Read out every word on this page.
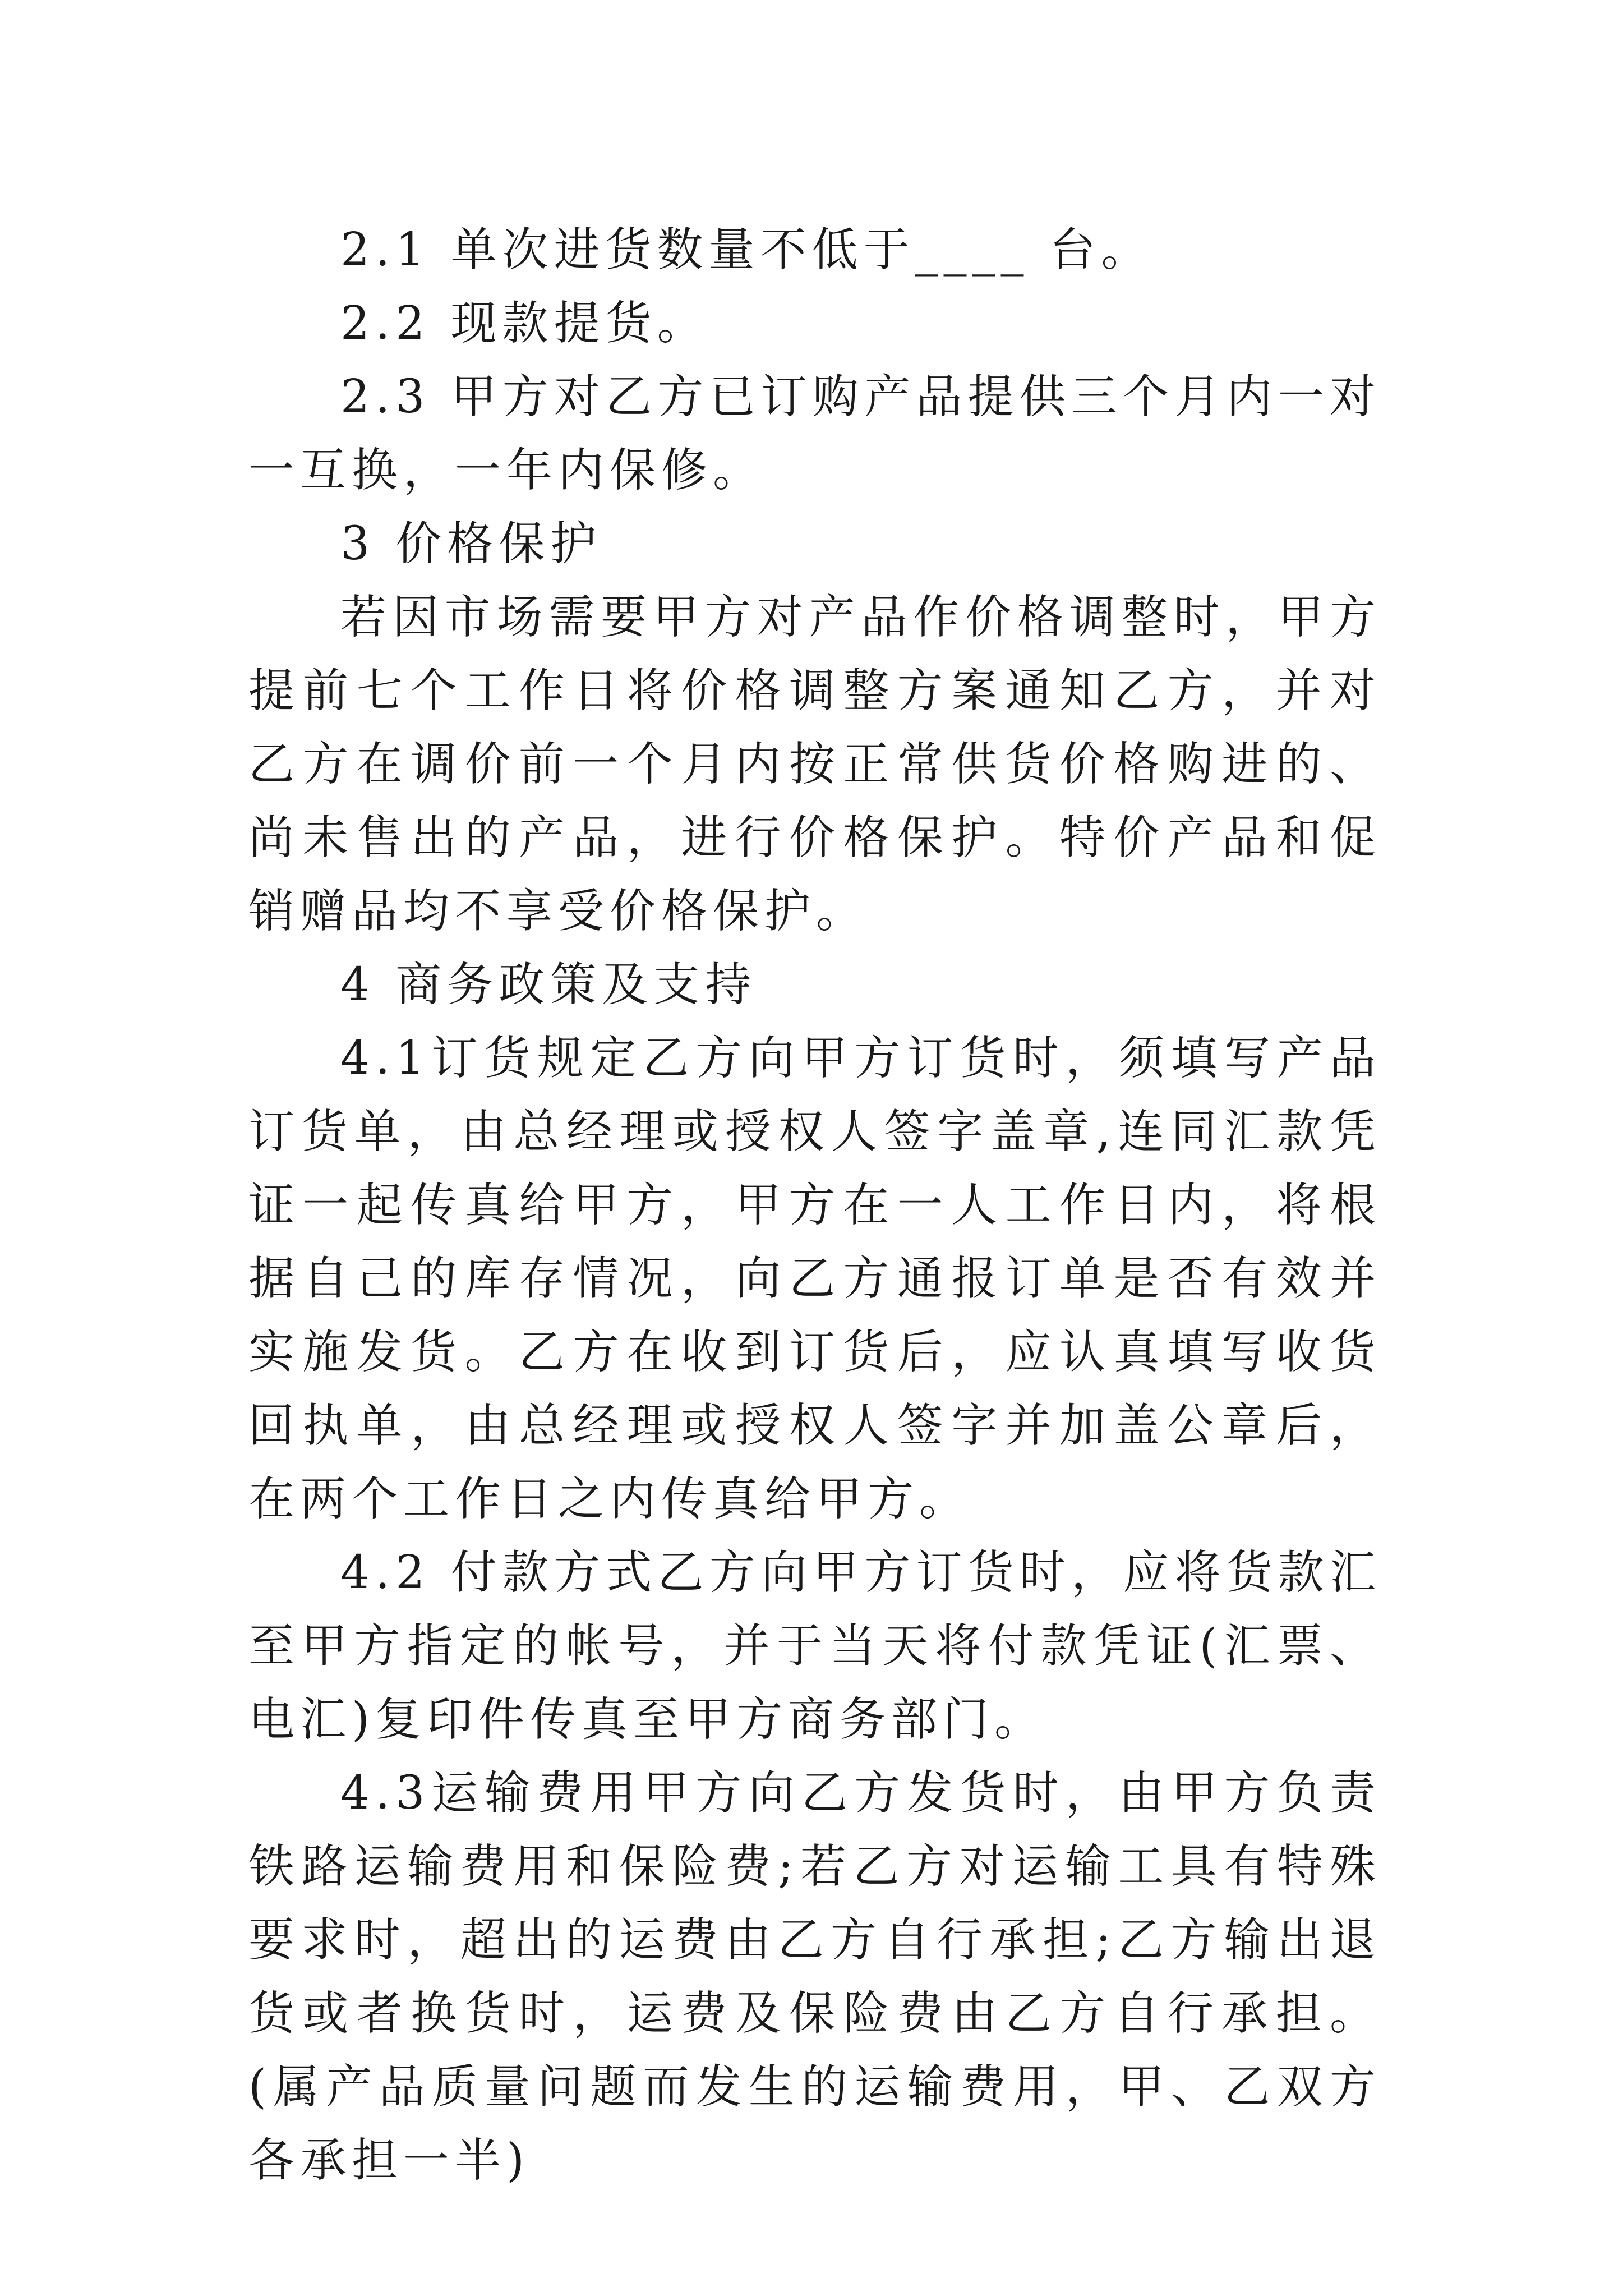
2.1 单次进货数量不低于____ 台。

2.2 现款提货。

2.3 甲方对乙方已订购产品提供三个月内一对一互换，一年内保修。

3 价格保护

若因市场需要甲方对产品作价格调整时，甲方提前七个工作日将价格调整方案通知乙方，并对乙方在调价前一个月内按正常供货价格购进的、尚未售出的产品，进行价格保护。特价产品和促销赠品均不享受价格保护。

4 商务政策及支持

4.1订货规定乙方向甲方订货时，须填写产品订货单，由总经理或授权人签字盖章,连同汇款凭证一起传真给甲方，甲方在一人工作日内，将根据自己的库存情况，向乙方通报订单是否有效并实施发货。乙方在收到订货后，应认真填写收货回执单，由总经理或授权人签字并加盖公章后，在两个工作日之内传真给甲方。

4.2 付款方式乙方向甲方订货时，应将货款汇至甲方指定的帐号，并于当天将付款凭证(汇票、电汇)复印件传真至甲方商务部门。

4.3运输费用甲方向乙方发货时，由甲方负责铁路运输费用和保险费;若乙方对运输工具有特殊要求时，超出的运费由乙方自行承担;乙方输出退货或者换货时，运费及保险费由乙方自行承担。(属产品质量问题而发生的运输费用，甲、乙双方各承担一半)
